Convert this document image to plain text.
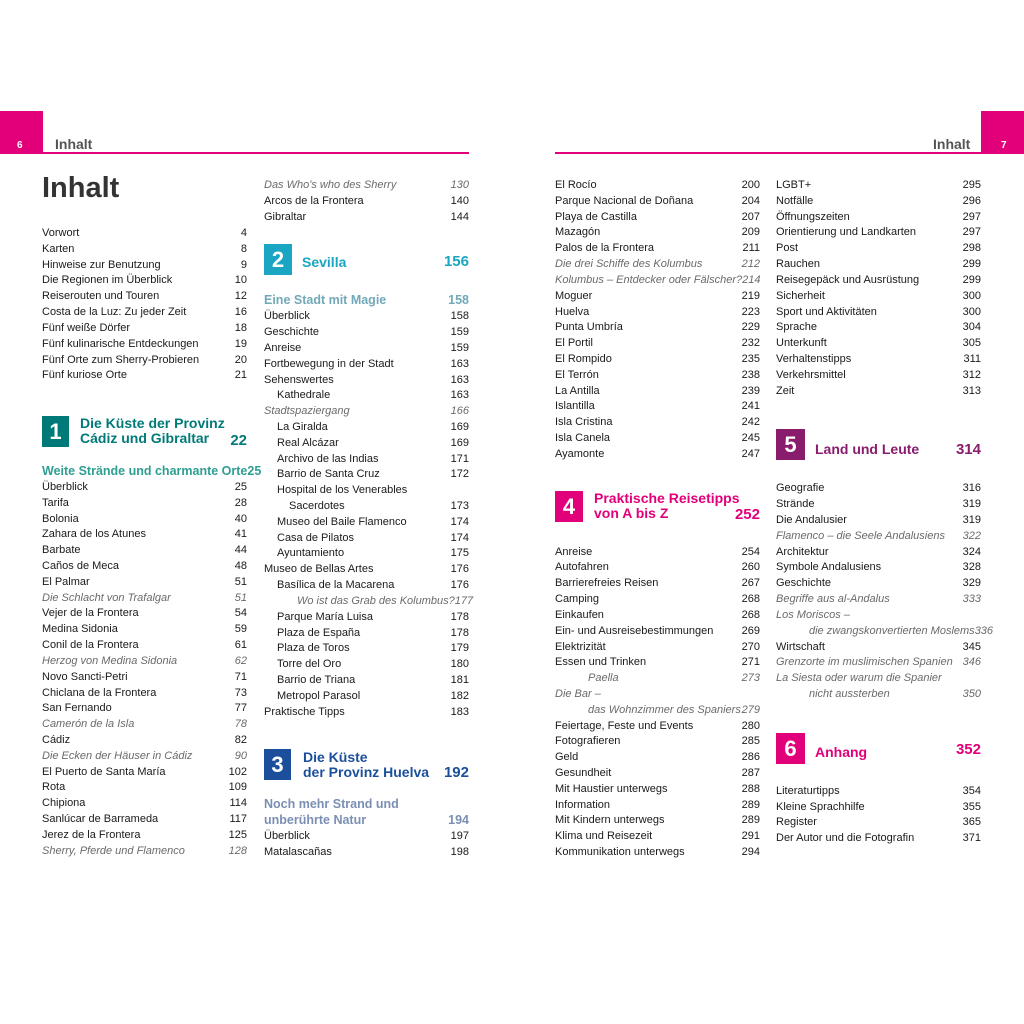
6 Inhalt	7
Inhalt
Inhalt
Vorwort	4
Karten	8
Hinweise zur Benutzung	9
Die Regionen im Überblick	10
Reiserouten und Touren	12
Costa de la Luz: Zu jeder Zeit	16
Fünf weiße Dörfer	18
Fünf kulinarische Entdeckungen	19
Fünf Orte zum Sherry-Probieren	20
Fünf kuriose Orte	21
1	Die Küste der Provinz
Cádiz und Gibraltar	22
Weite Strände und charmante Orte 25
Überblick	25
Tarifa	28
Bolonia	40
Zahara de los Atunes	41
Barbate	44
Caños de Meca	48
El Palmar	51
Die Schlacht von Trafalgar	51
Vejer de la Frontera	54
Medina Sidonia	59
Conil de la Frontera	61
Herzog von Medina Sidonia	62
Novo Sancti-Petri	71
Chiclana de la Frontera	73
San Fernando	77
Camerón de la Isla	78
Cádiz	82
Die Ecken der Häuser in Cádiz	90
El Puerto de Santa María	102
Rota	109
Chipiona	114
Sanlúcar de Barrameda	117
Jerez de la Frontera	125
Sherry, Pferde und Flamenco	128
Das Who's who des Sherry	130
Arcos de la Frontera	140
Gibraltar	144
2	Sevilla	156
Eine Stadt mit Magie	158
Überblick	158
Geschichte	159
Anreise	159
Fortbewegung in der Stadt	163
Sehenswertes	163
Kathedrale	163
Stadtspaziergang	166
La Giralda	169
Real Alcázar	169
Archivo de las Indias	171
Barrio de Santa Cruz	172
Hospital de los Venerables
Sacerdotes	173
Museo del Baile Flamenco	174
Casa de Pilatos	174
Ayuntamiento	175
Museo de Bellas Artes	176
Basílica de la Macarena	176
Wo ist das Grab des Kolumbus? 177
Parque María Luisa	178
Plaza de España	178
Plaza de Toros	179
Torre del Oro	180
Barrio de Triana	181
Metropol Parasol	182
Praktische Tipps	183
3	Die Küste
der Provinz Huelva 192
Noch mehr Strand und
unberührte Natur	194
Überblick	197
Matalascañas	198
El Rocío	200
Parque Nacional de Doñana	204
Playa de Castilla	207
Mazagón	209
Palos de la Frontera	211
Die drei Schiffe des Kolumbus	212
Kolumbus – Entdecker oder Fälscher? 214
Moguer	219
Huelva	223
Punta Umbría	229
El Portil	232
El Rompido	235
El Terrón	238
La Antilla	239
Islantilla	241
Isla Cristina	242
Isla Canela	245
Ayamonte	247
4	Praktische Reisetipps
von A bis Z	252
Anreise	254
Autofahren	260
Barrierefreies Reisen	267
Camping	268
Einkaufen	268
Ein- und Ausreisebestimmungen	269
Elektrizität	270
Essen und Trinken	271
Paella	273
Die Bar –
das Wohnzimmer des Spaniers 279
Feiertage, Feste und Events	280
Fotografieren	285
Geld	286
Gesundheit	287
Mit Haustier unterwegs	288
Information	289
Mit Kindern unterwegs	289
Klima und Reisezeit	291
Kommunikation unterwegs	294
LGBT+	295
Notfälle	296
Öffnungszeiten	297
Orientierung und Landkarten	297
Post	298
Rauchen	299
Reisegepäck und Ausrüstung	299
Sicherheit	300
Sport und Aktivitäten	300
Sprache	304
Unterkunft	305
Verhaltenstipps	311
Verkehrsmittel	312
Zeit	313
5	Land und Leute 314
Geografie	316
Strände	319
Die Andalusier	319
Flamenco – die Seele Andalusiens 322
Architektur	324
Symbole Andalusiens	328
Geschichte	329
Begriffe aus al-Andalus	333
Los Moriscos –
die zwangskonvertierten Moslems 336
Wirtschaft	345
Grenzorte im muslimischen Spanien 346
La Siesta oder warum die Spanier
nicht aussterben	350
6	Anhang	352
Literaturtipps	354
Kleine Sprachhilfe	355
Register	365
Der Autor und die Fotografin	371
